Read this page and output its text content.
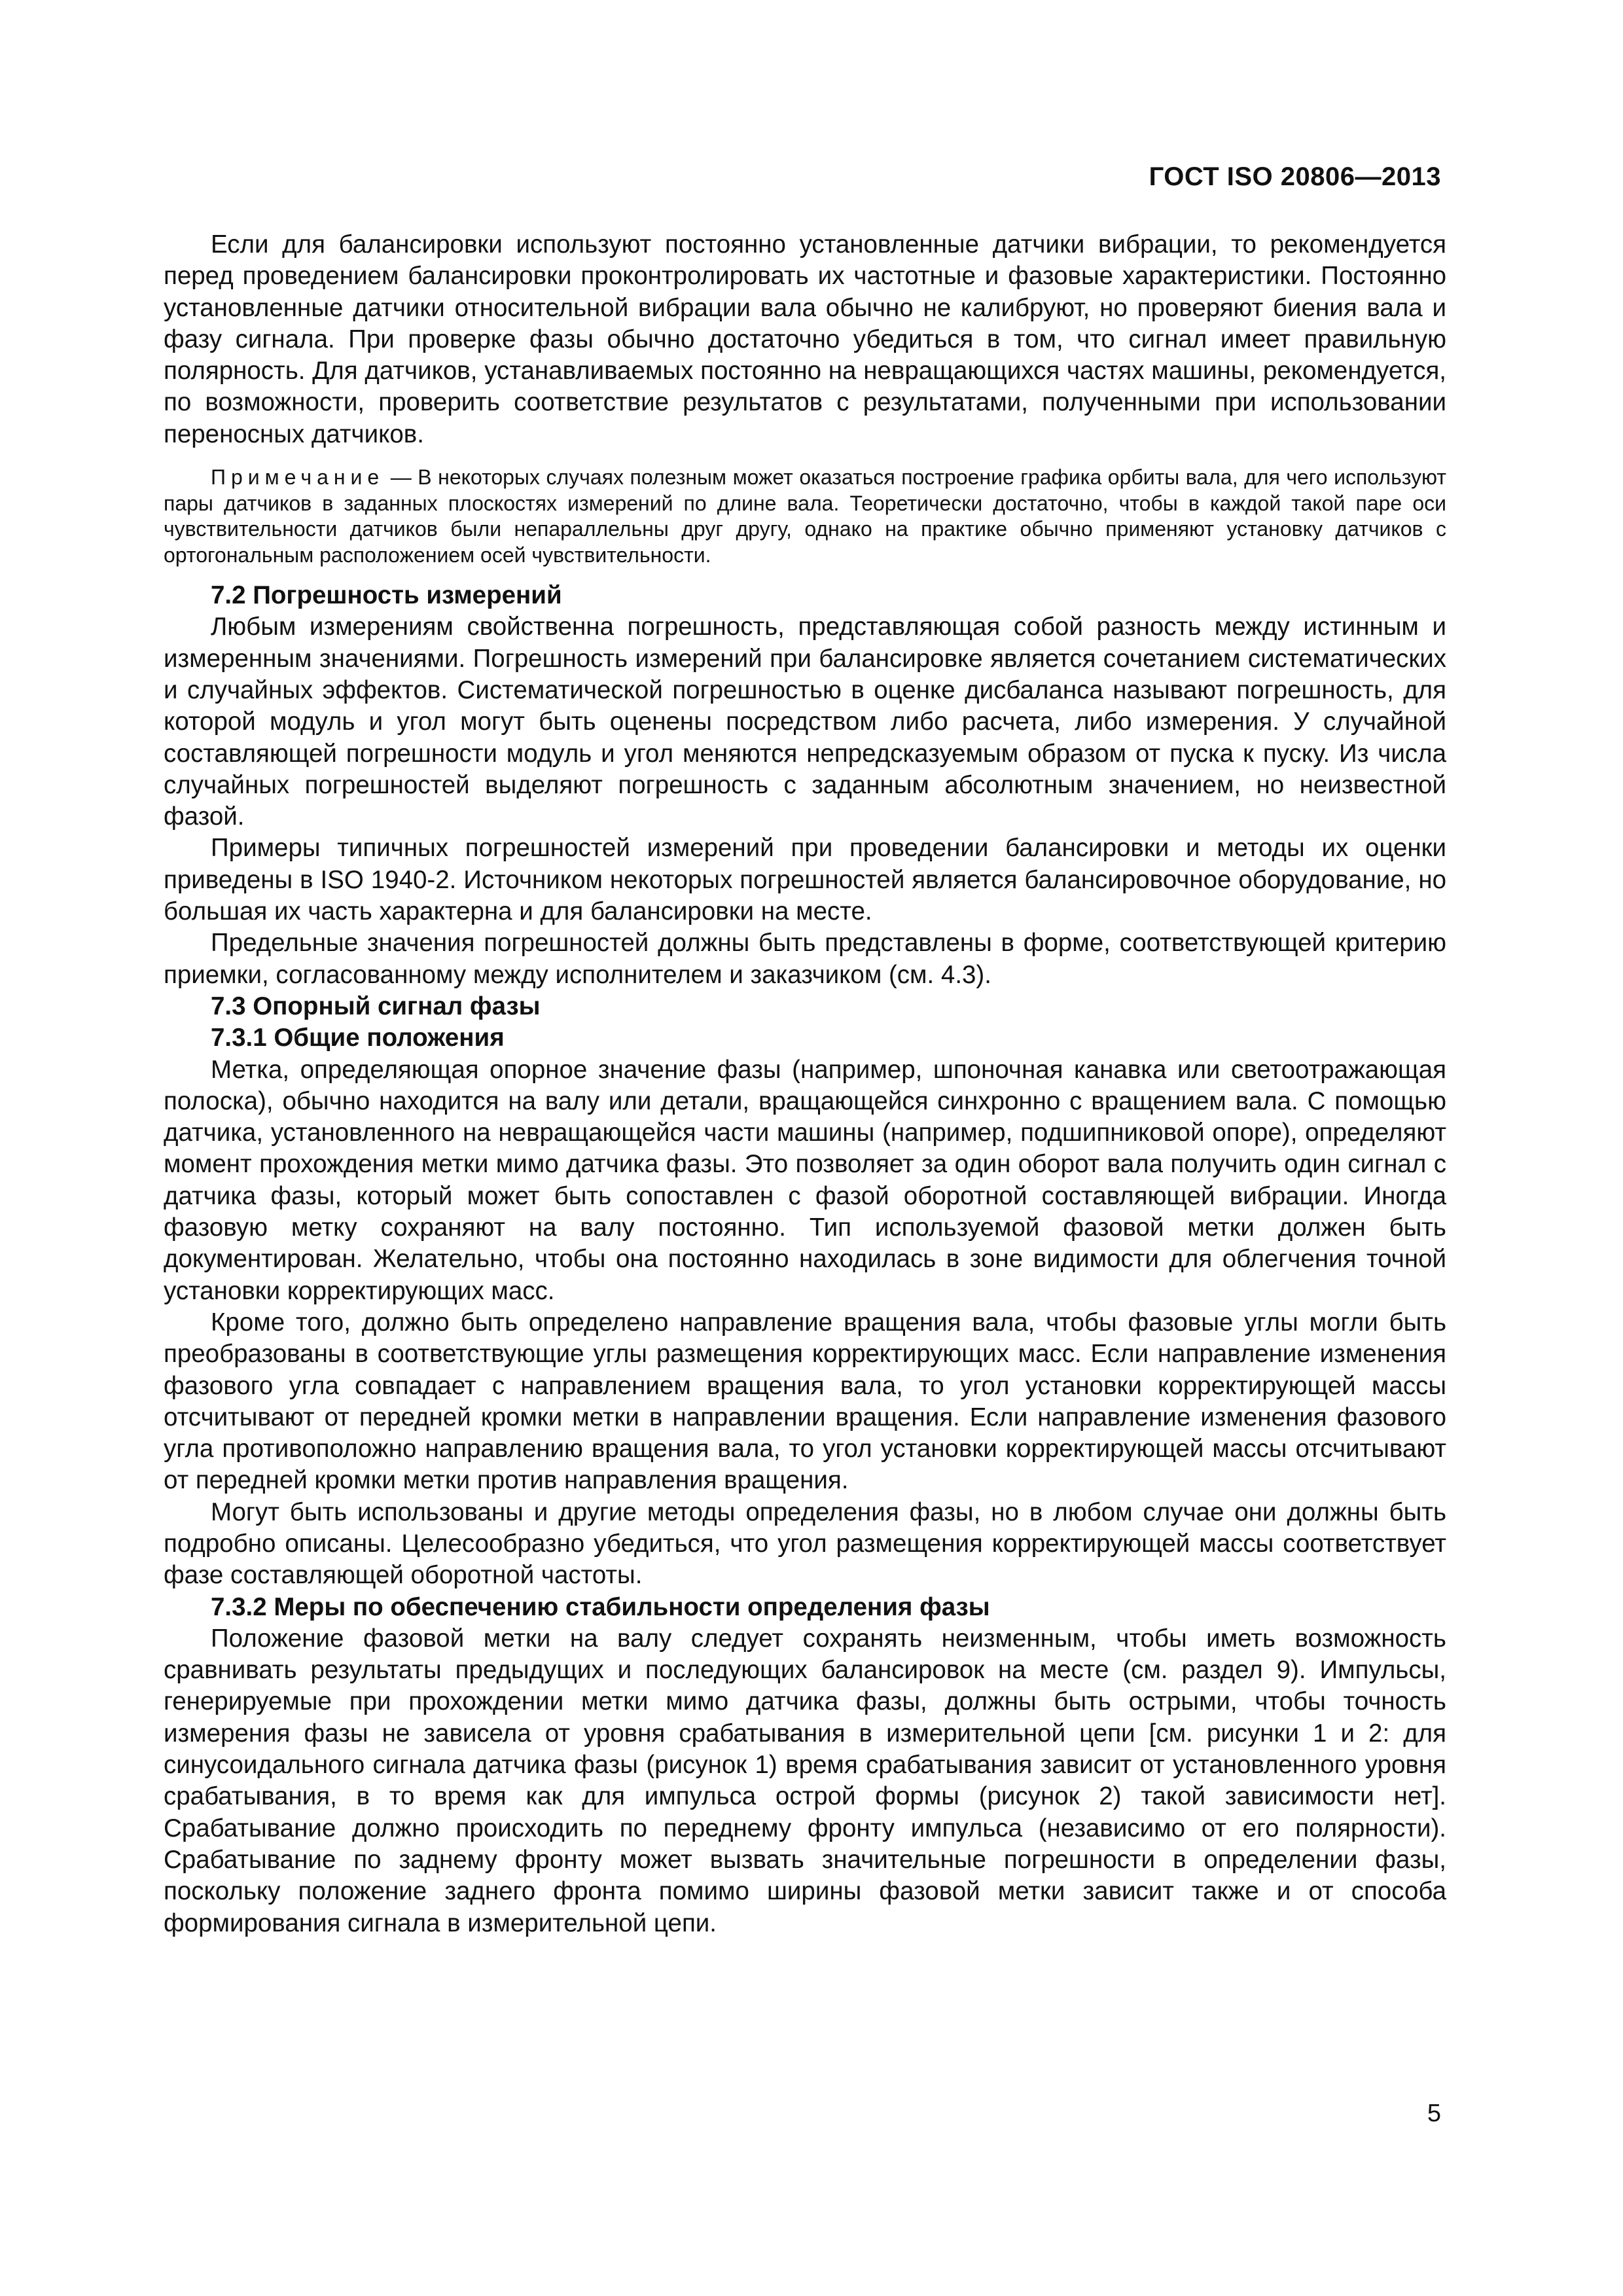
ГОСТ ISO 20806—2013

Если для балансировки используют постоянно установленные датчики вибрации, то рекомендуется перед проведением балансировки проконтролировать их частотные и фазовые характеристики. Постоянно установленные датчики относительной вибрации вала обычно не калибруют, но проверяют биения вала и фазу сигнала. При проверке фазы обычно достаточно убедиться в том, что сигнал имеет правильную полярность. Для датчиков, устанавливаемых постоянно на невращающихся частях машины, рекомендуется, по возможности, проверить соответствие результатов с результатами, полученными при использовании переносных датчиков.

Примечание — В некоторых случаях полезным может оказаться построение графика орбиты вала, для чего используют пары датчиков в заданных плоскостях измерений по длине вала. Теоретически достаточно, чтобы в каждой такой паре оси чувствительности датчиков были непараллельны друг другу, однако на практике обычно применяют установку датчиков с ортогональным расположением осей чувствительности.

7.2 Погрешность измерений

Любым измерениям свойственна погрешность, представляющая собой разность между истинным и измеренным значениями. Погрешность измерений при балансировке является сочетанием систематических и случайных эффектов. Систематической погрешностью в оценке дисбаланса называют погрешность, для которой модуль и угол могут быть оценены посредством либо расчета, либо измерения. У случайной составляющей погрешности модуль и угол меняются непредсказуемым образом от пуска к пуску. Из числа случайных погрешностей выделяют погрешность с заданным абсолютным значением, но неизвестной фазой.

Примеры типичных погрешностей измерений при проведении балансировки и методы их оценки приведены в ISO 1940-2. Источником некоторых погрешностей является балансировочное оборудование, но большая их часть характерна и для балансировки на месте.

Предельные значения погрешностей должны быть представлены в форме, соответствующей критерию приемки, согласованному между исполнителем и заказчиком (см. 4.3).

7.3 Опорный сигнал фазы
7.3.1 Общие положения

Метка, определяющая опорное значение фазы (например, шпоночная канавка или светоотражающая полоска), обычно находится на валу или детали, вращающейся синхронно с вращением вала. С помощью датчика, установленного на невращающейся части машины (например, подшипниковой опоре), определяют момент прохождения метки мимо датчика фазы. Это позволяет за один оборот вала получить один сигнал с датчика фазы, который может быть сопоставлен с фазой оборотной составляющей вибрации. Иногда фазовую метку сохраняют на валу постоянно. Тип используемой фазовой метки должен быть документирован. Желательно, чтобы она постоянно находилась в зоне видимости для облегчения точной установки корректирующих масс.

Кроме того, должно быть определено направление вращения вала, чтобы фазовые углы могли быть преобразованы в соответствующие углы размещения корректирующих масс. Если направление изменения фазового угла совпадает с направлением вращения вала, то угол установки корректирующей массы отсчитывают от передней кромки метки в направлении вращения. Если направление изменения фазового угла противоположно направлению вращения вала, то угол установки корректирующей массы отсчитывают от передней кромки метки против направления вращения.

Могут быть использованы и другие методы определения фазы, но в любом случае они должны быть подробно описаны. Целесообразно убедиться, что угол размещения корректирующей массы соответствует фазе составляющей оборотной частоты.

7.3.2 Меры по обеспечению стабильности определения фазы

Положение фазовой метки на валу следует сохранять неизменным, чтобы иметь возможность сравнивать результаты предыдущих и последующих балансировок на месте (см. раздел 9). Импульсы, генерируемые при прохождении метки мимо датчика фазы, должны быть острыми, чтобы точность измерения фазы не зависела от уровня срабатывания в измерительной цепи [см. рисунки 1 и 2: для синусоидального сигнала датчика фазы (рисунок 1) время срабатывания зависит от установленного уровня срабатывания, в то время как для импульса острой формы (рисунок 2) такой зависимости нет]. Срабатывание должно происходить по переднему фронту импульса (независимо от его полярности). Срабатывание по заднему фронту может вызвать значительные погрешности в определении фазы, поскольку положение заднего фронта помимо ширины фазовой метки зависит также и от способа формирования сигнала в измерительной цепи.

5
